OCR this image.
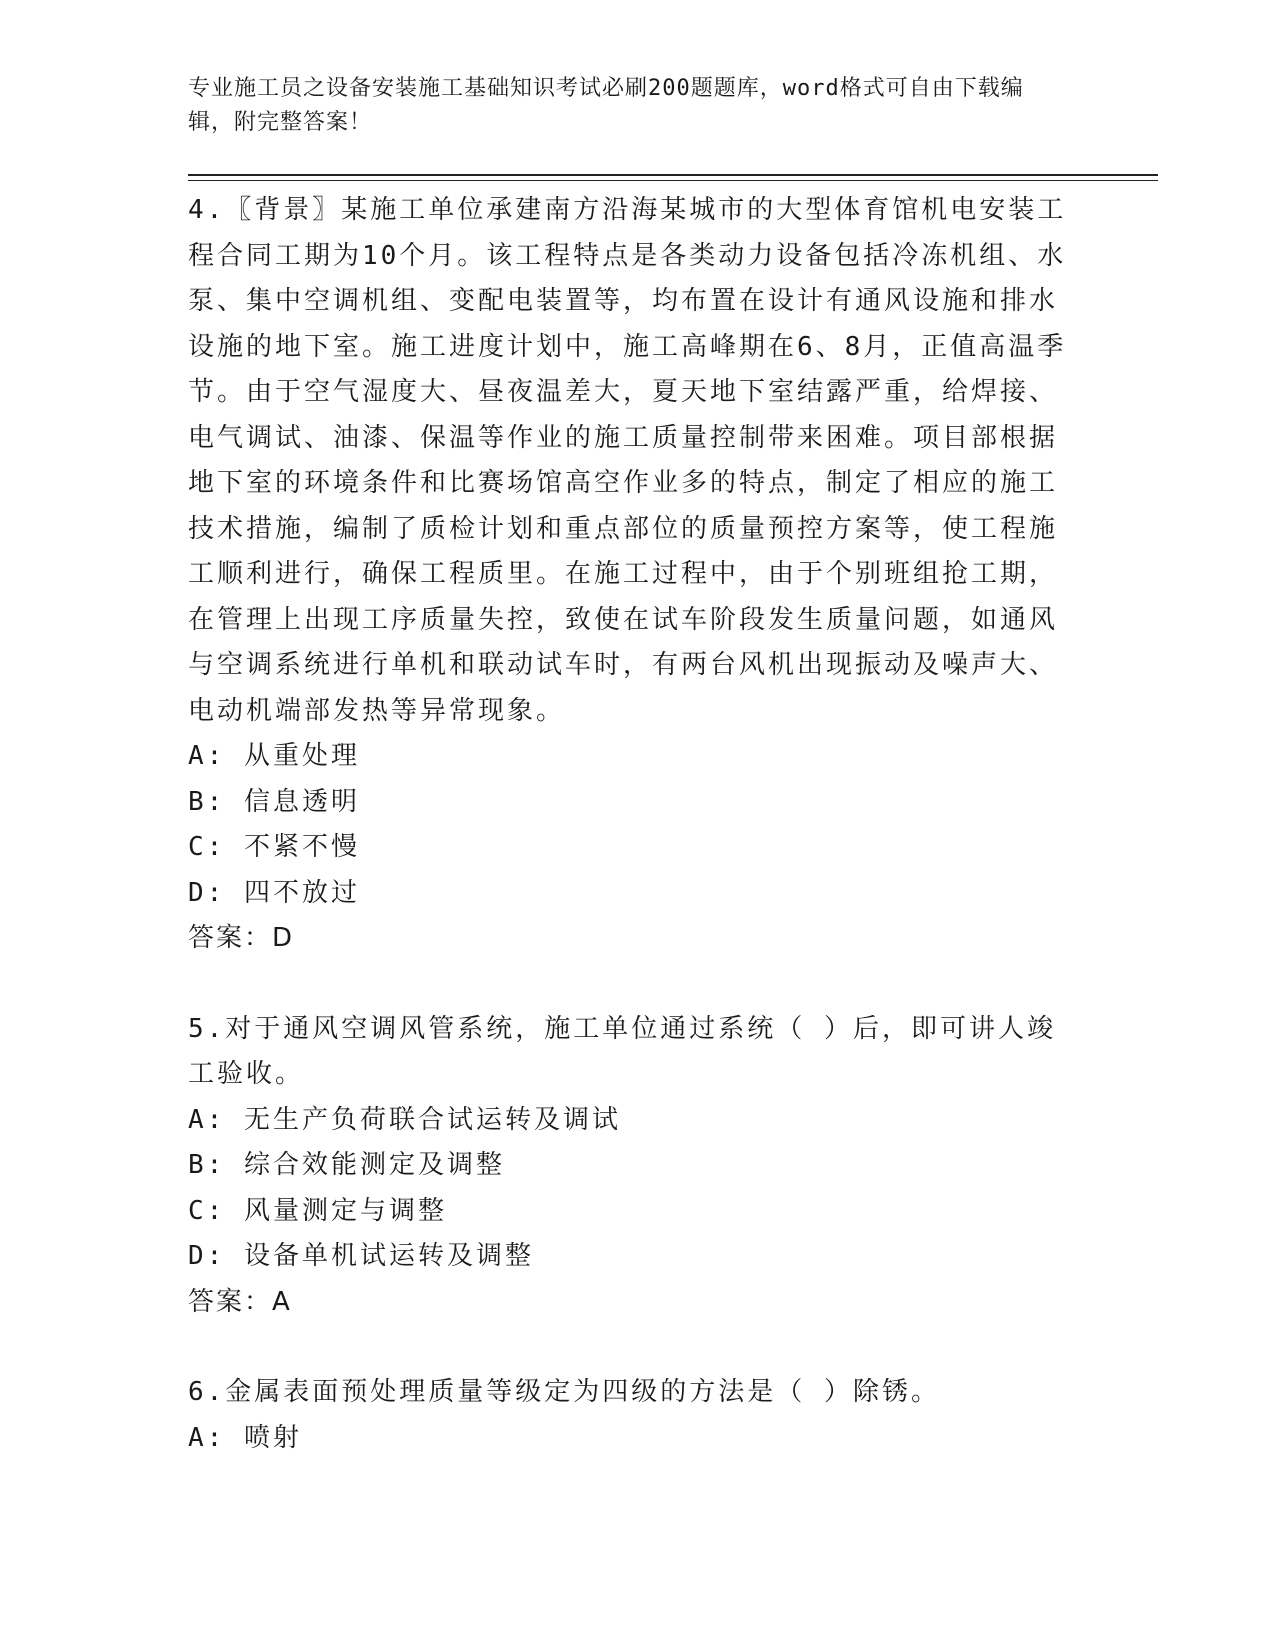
专业施工员之设备安装施工基础知识考试必刷200题题库，word格式可自由下载编辑，附完整答案！

4.〖背景〗某施工单位承建南方沿海某城市的大型体育馆机电安装工程合同工期为10个月。该工程特点是各类动力设备包括冷冻机组、水泵、集中空调机组、变配电装置等，均布置在设计有通风设施和排水设施的地下室。施工进度计划中，施工高峰期在6、8月，正值高温季节。由于空气湿度大、昼夜温差大，夏天地下室结露严重，给焊接、电气调试、油漆、保温等作业的施工质量控制带来困难。项目部根据地下室的环境条件和比赛场馆高空作业多的特点，制定了相应的施工技术措施，编制了质检计划和重点部位的质量预控方案等，使工程施工顺利进行，确保工程质里。在施工过程中，由于个别班组抢工期，在管理上出现工序质量失控，致使在试车阶段发生质量问题，如通风与空调系统进行单机和联动试车时，有两台风机出现振动及噪声大、电动机端部发热等异常现象。

A: 从重处理

B: 信息透明

C: 不紧不慢

D: 四不放过

答案：D

5.对于通风空调风管系统，施工单位通过系统（ ）后，即可讲人竣工验收。

A: 无生产负荷联合试运转及调试

B: 综合效能测定及调整

C: 风量测定与调整

D: 设备单机试运转及调整

答案：A

6.金属表面预处理质量等级定为四级的方法是（ ）除锈。

A: 喷射
